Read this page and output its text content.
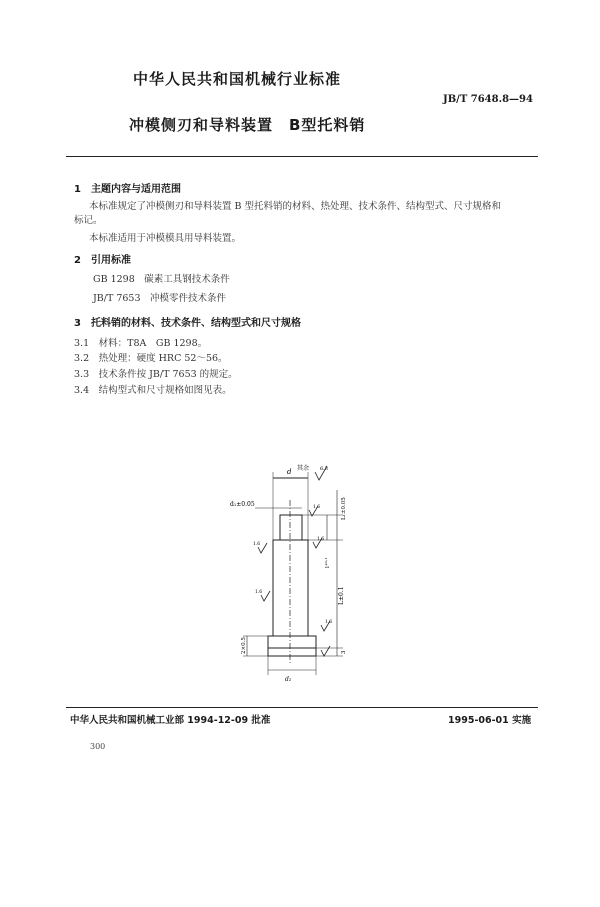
中华人民共和国机械行业标准
JB/T 7648.8—94
冲模侧刃和导料装置　B型托料销
1　主题内容与适用范围
本标准规定了冲模侧刃和导料装置 B 型托料销的材料、热处理、技术条件、结构型式、尺寸规格和
标记。
本标准适用于冲模模具用导料装置。
2　引用标准
GB 1298　碳素工具钢技术条件
JB/T 7653　冲模零件技术条件
3　托料销的材料、技术条件、结构型式和尺寸规格
3.1　材料：T8A　GB 1298。
3.2　热处理：硬度 HRC 52～56。
3.3　技术条件按 JB/T 7653 的规定。
3.4　结构型式和尺寸规格如图见表。
其余 6.3
d
d₁±0.05
d₂
L₁±0.05
l⁺⁰·¹
L±0.1
3
2×0.5
1.6
1.6
1.6
1.6
1.6
中华人民共和国机械工业部 1994-12-09 批准	1995-06-01 实施
300
